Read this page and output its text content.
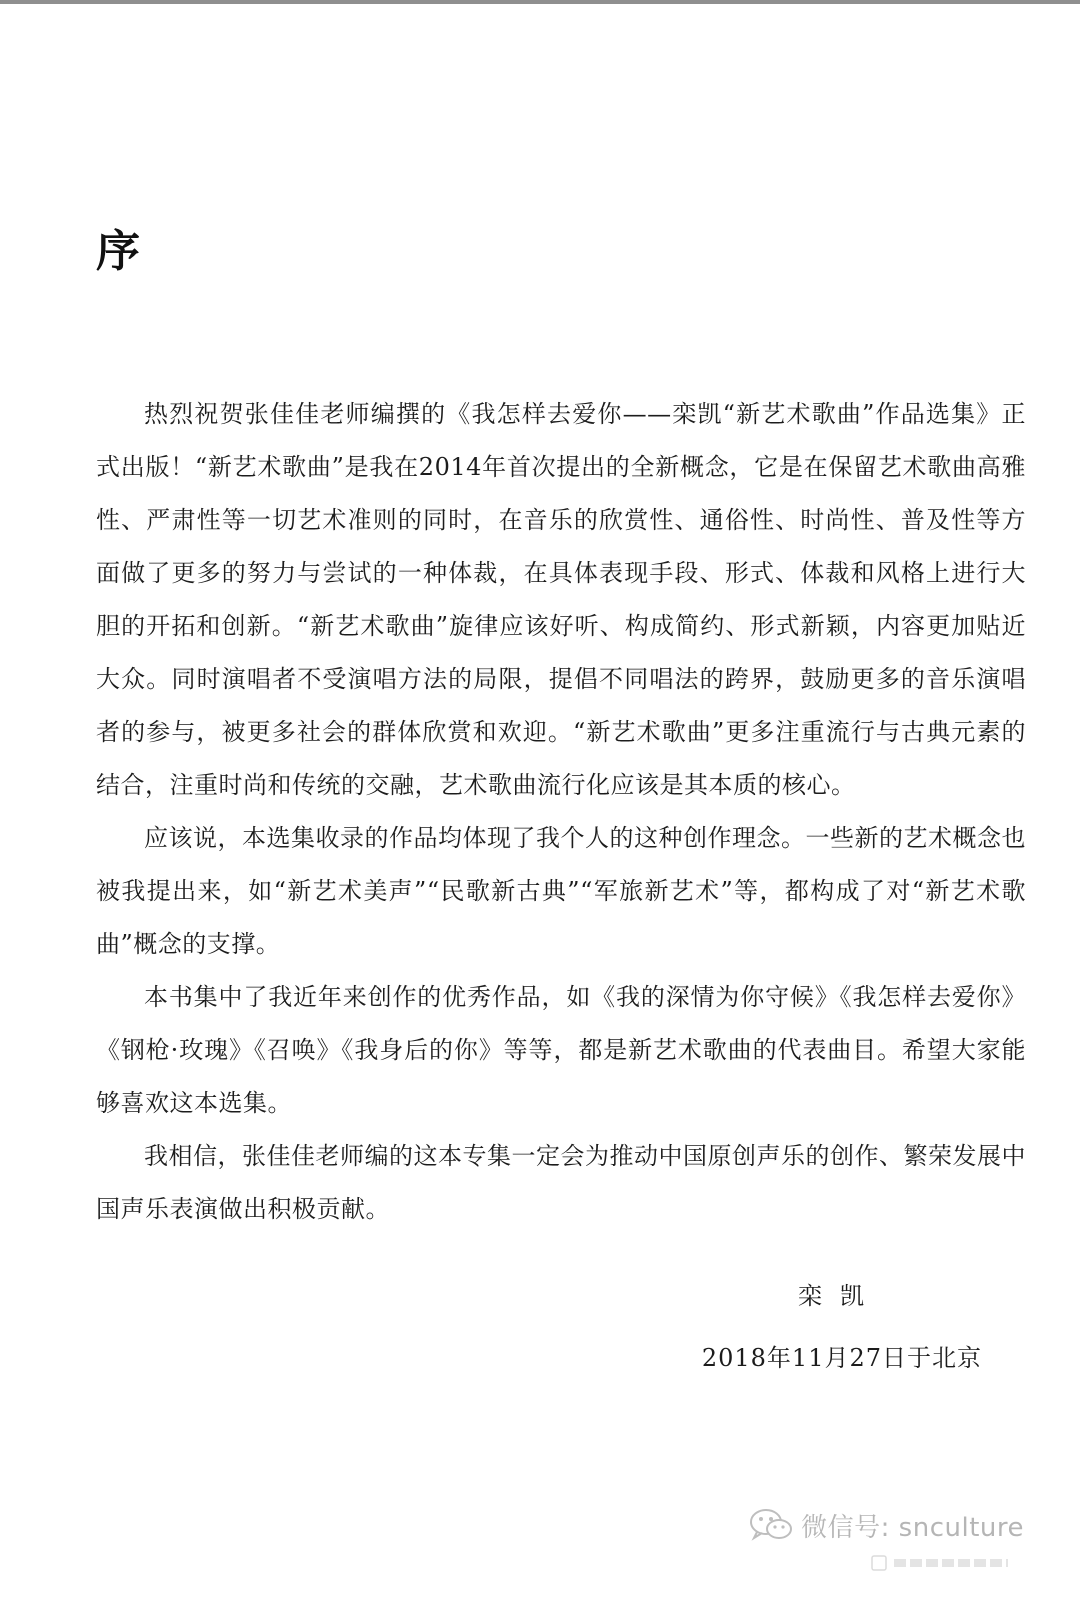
序

热烈祝贺张佳佳老师编撰的《我怎样去爱你——栾凯“新艺术歌曲”作品选集》正式出版！“新艺术歌曲”是我在2014年首次提出的全新概念，它是在保留艺术歌曲高雅性、严肃性等一切艺术准则的同时，在音乐的欣赏性、通俗性、时尚性、普及性等方面做了更多的努力与尝试的一种体裁，在具体表现手段、形式、体裁和风格上进行大胆的开拓和创新。“新艺术歌曲”旋律应该好听、构成简约、形式新颖，内容更加贴近大众。同时演唱者不受演唱方法的局限，提倡不同唱法的跨界，鼓励更多的音乐演唱者的参与，被更多社会的群体欣赏和欢迎。“新艺术歌曲”更多注重流行与古典元素的结合，注重时尚和传统的交融，艺术歌曲流行化应该是其本质的核心。

应该说，本选集收录的作品均体现了我个人的这种创作理念。一些新的艺术概念也被我提出来，如“新艺术美声”“民歌新古典”“军旅新艺术”等，都构成了对“新艺术歌曲”概念的支撑。

本书集中了我近年来创作的优秀作品，如《我的深情为你守候》《我怎样去爱你》《钢枪·玫瑰》《召唤》《我身后的你》等等，都是新艺术歌曲的代表曲目。希望大家能够喜欢这本选集。

我相信，张佳佳老师编的这本专集一定会为推动中国原创声乐的创作、繁荣发展中国声乐表演做出积极贡献。

栾凯
2018年11月27日于北京
微信号: snculture
